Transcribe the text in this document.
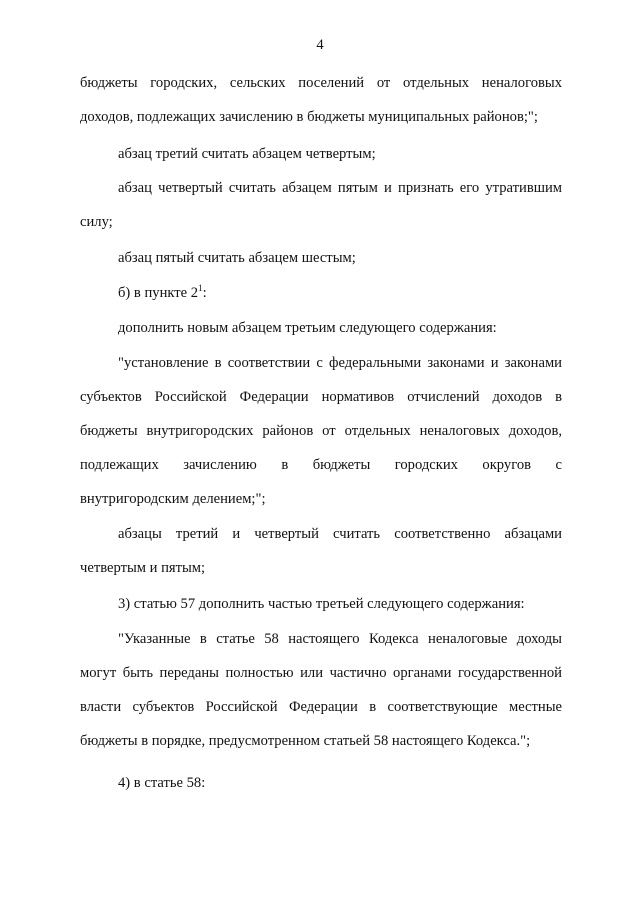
4
бюджеты городских, сельских поселений от отдельных неналоговых
доходов, подлежащих зачислению в бюджеты муниципальных районов;";
абзац третий считать абзацем четвертым;
абзац четвертый считать абзацем пятым и признать его утратившим
силу;
абзац пятый считать абзацем шестым;
б) в пункте $2^1$:
дополнить новым абзацем третьим следующего содержания:
"установление в соответствии с федеральными законами и законами
субъектов Российской Федерации нормативов отчислений доходов в
бюджеты внутригородских районов от отдельных неналоговых доходов,
подлежащих зачислению в бюджеты городских округов с
внутригородским делением;";
абзацы третий и четвертый считать соответственно абзацами
четвертым и пятым;
3) статью 57 дополнить частью третьей следующего содержания:
"Указанные в статье 58 настоящего Кодекса неналоговые доходы
могут быть переданы полностью или частично органами государственной
власти субъектов Российской Федерации в соответствующие местные
бюджеты в порядке, предусмотренном статьей 58 настоящего Кодекса.";
4) в статье 58:
